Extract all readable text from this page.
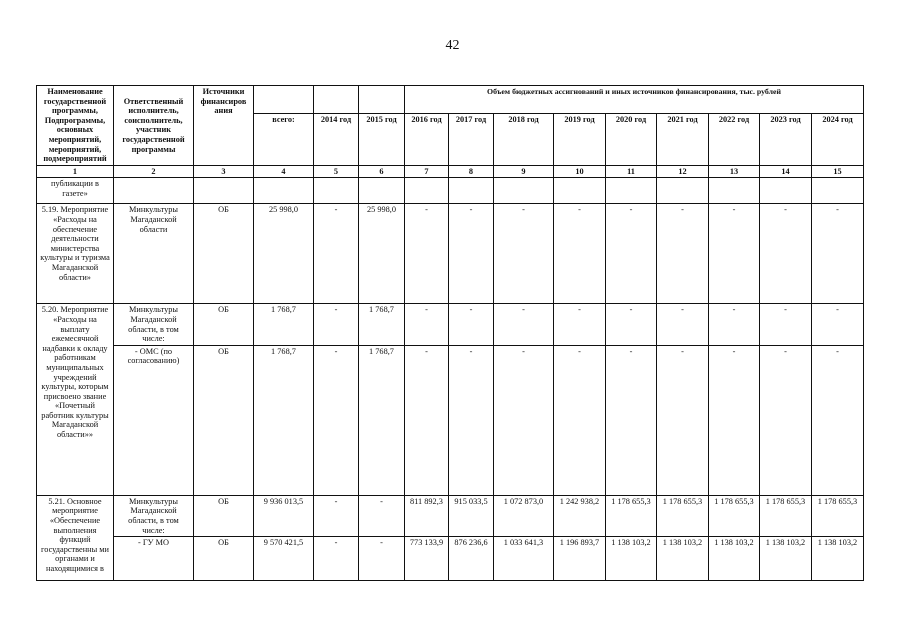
42
Наименование государственной программы, Подпрограммы, основных мероприятий, мероприятий, подмероприятий	Ответственный исполнитель, соисполнитель, участник государственной программы	Источники финансиров ания				Объем бюджетных ассигнований и иных источников финансирования, тыс. рублей								
			всего:	2014 год	2015 год	2016 год	2017 год	2018 год	2019 год	2020 год	2021 год	2022 год	2023 год	2024 год
1	2	3	4	5	6	7	8	9	10	11	12	13	14	15
публикации в газете»														
5.19. Мероприятие «Расходы на обеспечение деятельности министерства культуры и туризма Магаданской области»	Минкультуры Магаданской области	ОБ	25 998,0	-	25 998,0	-	-	-	-	-	-	-	-	-
5.20. Мероприятие «Расходы на выплату ежемесячной надбавки к окладу работникам муниципальных учреждений культуры, которым присвоено звание «Почетный работник культуры Магаданской области»»	Минкультуры Магаданской области, в том числе:	ОБ	1 768,7	-	1 768,7	-	-	-	-	-	-	-	-	-
	- ОМС (по согласованию)	ОБ	1 768,7	-	1 768,7	-	-	-	-	-	-	-	-	-
5.21. Основное мероприятие «Обеспечение выполнения функций государственны ми органами и находящимися в	Минкультуры Магаданской области, в том числе:	ОБ	9 936 013,5	-	-	811 892,3	915 033,5	1 072 873,0	1 242 938,2	1 178 655,3	1 178 655,3	1 178 655,3	1 178 655,3	1 178 655,3
	- ГУ МО	ОБ	9 570 421,5	-	-	773 133,9	876 236,6	1 033 641,3	1 196 893,7	1 138 103,2	1 138 103,2	1 138 103,2	1 138 103,2	1 138 103,2
